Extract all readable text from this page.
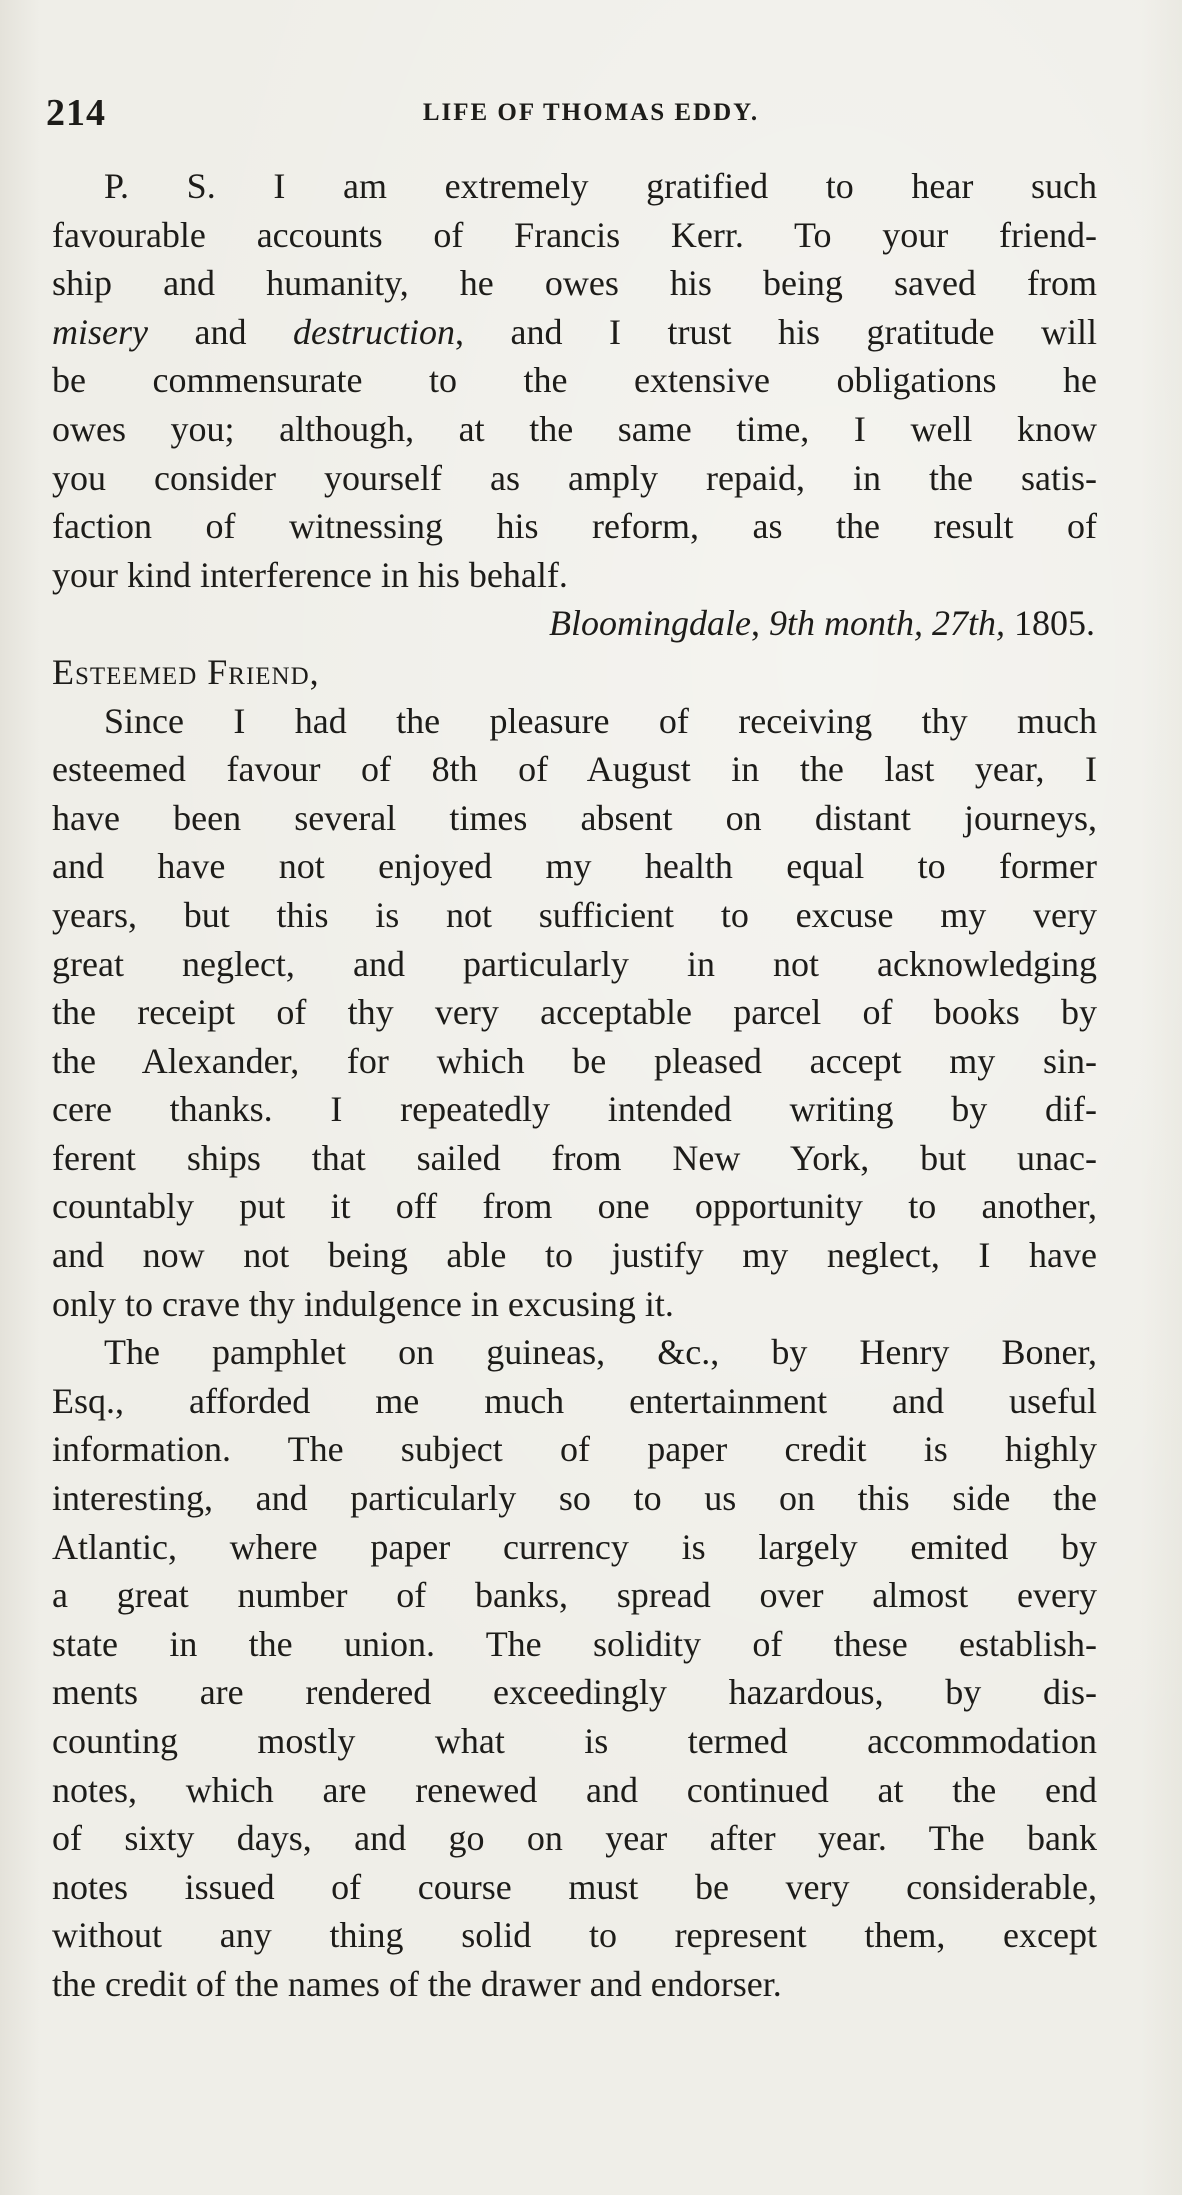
214	LIFE OF THOMAS EDDY.
P. S. I am extremely gratified to hear such
favourable accounts of Francis Kerr. To your friend-
ship and humanity, he owes his being saved from
misery and destruction, and I trust his gratitude will
be commensurate to the extensive obligations he
owes you; although, at the same time, I well know
you consider yourself as amply repaid, in the satis-
faction of witnessing his reform, as the result of
your kind interference in his behalf.
Bloomingdale, 9th month, 27th, 1805.
Esteemed Friend,
Since I had the pleasure of receiving thy much
esteemed favour of 8th of August in the last year, I
have been several times absent on distant journeys,
and have not enjoyed my health equal to former
years, but this is not sufficient to excuse my very
great neglect, and particularly in not acknowledging
the receipt of thy very acceptable parcel of books by
the Alexander, for which be pleased accept my sin-
cere thanks. I repeatedly intended writing by dif-
ferent ships that sailed from New York, but unac-
countably put it off from one opportunity to another,
and now not being able to justify my neglect, I have
only to crave thy indulgence in excusing it.
The pamphlet on guineas, &c., by Henry Boner,
Esq., afforded me much entertainment and useful
information. The subject of paper credit is highly
interesting, and particularly so to us on this side the
Atlantic, where paper currency is largely emited by
a great number of banks, spread over almost every
state in the union. The solidity of these establish-
ments are rendered exceedingly hazardous, by dis-
counting mostly what is termed accommodation
notes, which are renewed and continued at the end
of sixty days, and go on year after year. The bank
notes issued of course must be very considerable,
without any thing solid to represent them, except
the credit of the names of the drawer and endorser.
